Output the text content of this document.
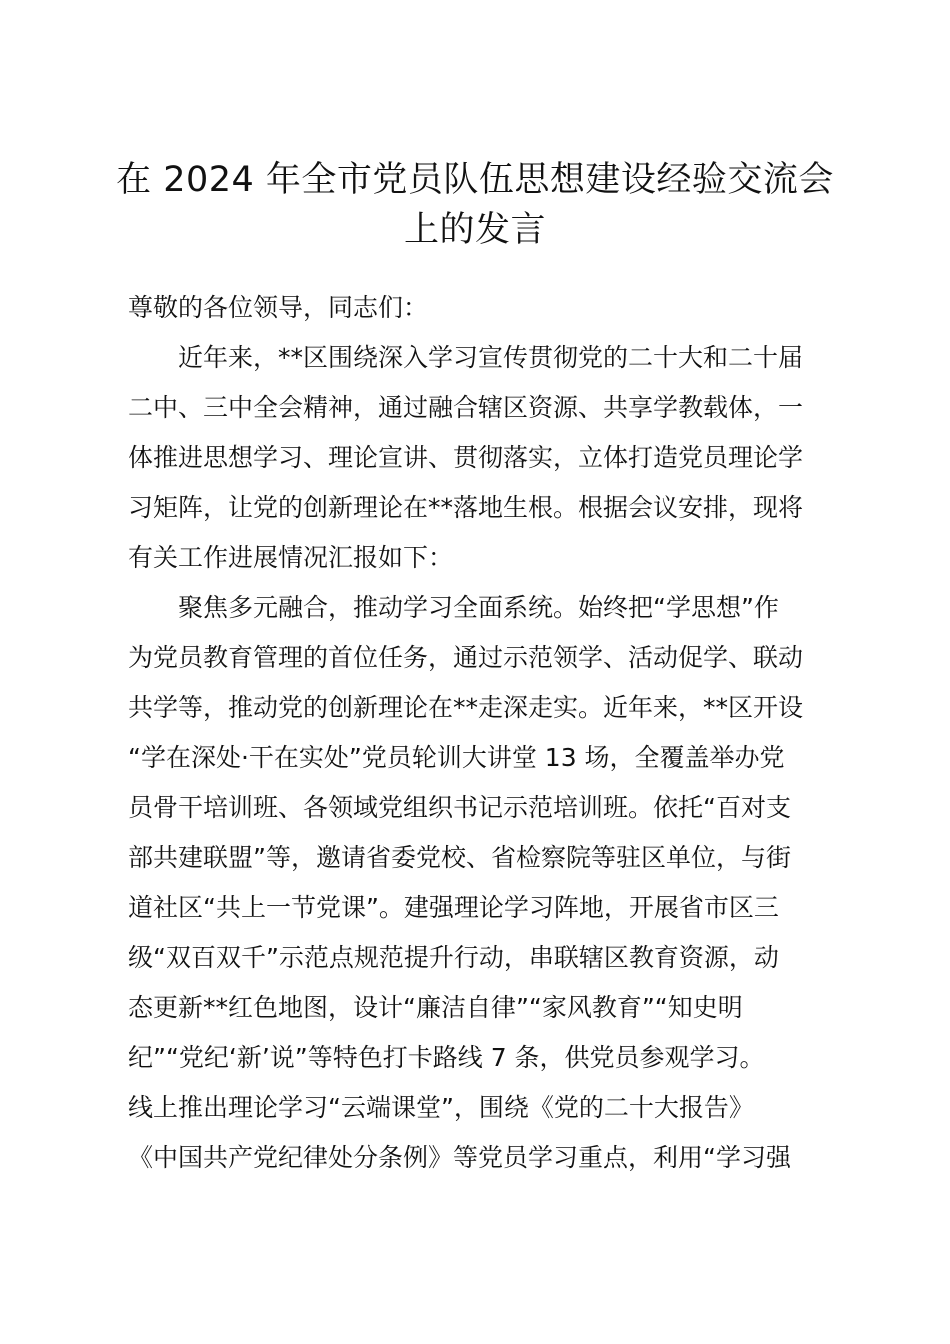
在 2024 年全市党员队伍思想建设经验交流会
上的发言
尊敬的各位领导，同志们：
近年来，**区围绕深入学习宣传贯彻党的二十大和二十届
二中、三中全会精神，通过融合辖区资源、共享学教载体，一
体推进思想学习、理论宣讲、贯彻落实，立体打造党员理论学
习矩阵，让党的创新理论在**落地生根。根据会议安排，现将
有关工作进展情况汇报如下：
聚焦多元融合，推动学习全面系统。始终把“学思想”作
为党员教育管理的首位任务，通过示范领学、活动促学、联动
共学等，推动党的创新理论在**走深走实。近年来，**区开设
“学在深处·干在实处”党员轮训大讲堂 13 场，全覆盖举办党
员骨干培训班、各领域党组织书记示范培训班。依托“百对支
部共建联盟”等，邀请省委党校、省检察院等驻区单位，与街
道社区“共上一节党课”。建强理论学习阵地，开展省市区三
级“双百双千”示范点规范提升行动，串联辖区教育资源，动
态更新**红色地图，设计“廉洁自律”“家风教育”“知史明
纪”“党纪‘新’说”等特色打卡路线 7 条，供党员参观学习。
线上推出理论学习“云端课堂”，围绕《党的二十大报告》
《中国共产党纪律处分条例》等党员学习重点，利用“学习强
